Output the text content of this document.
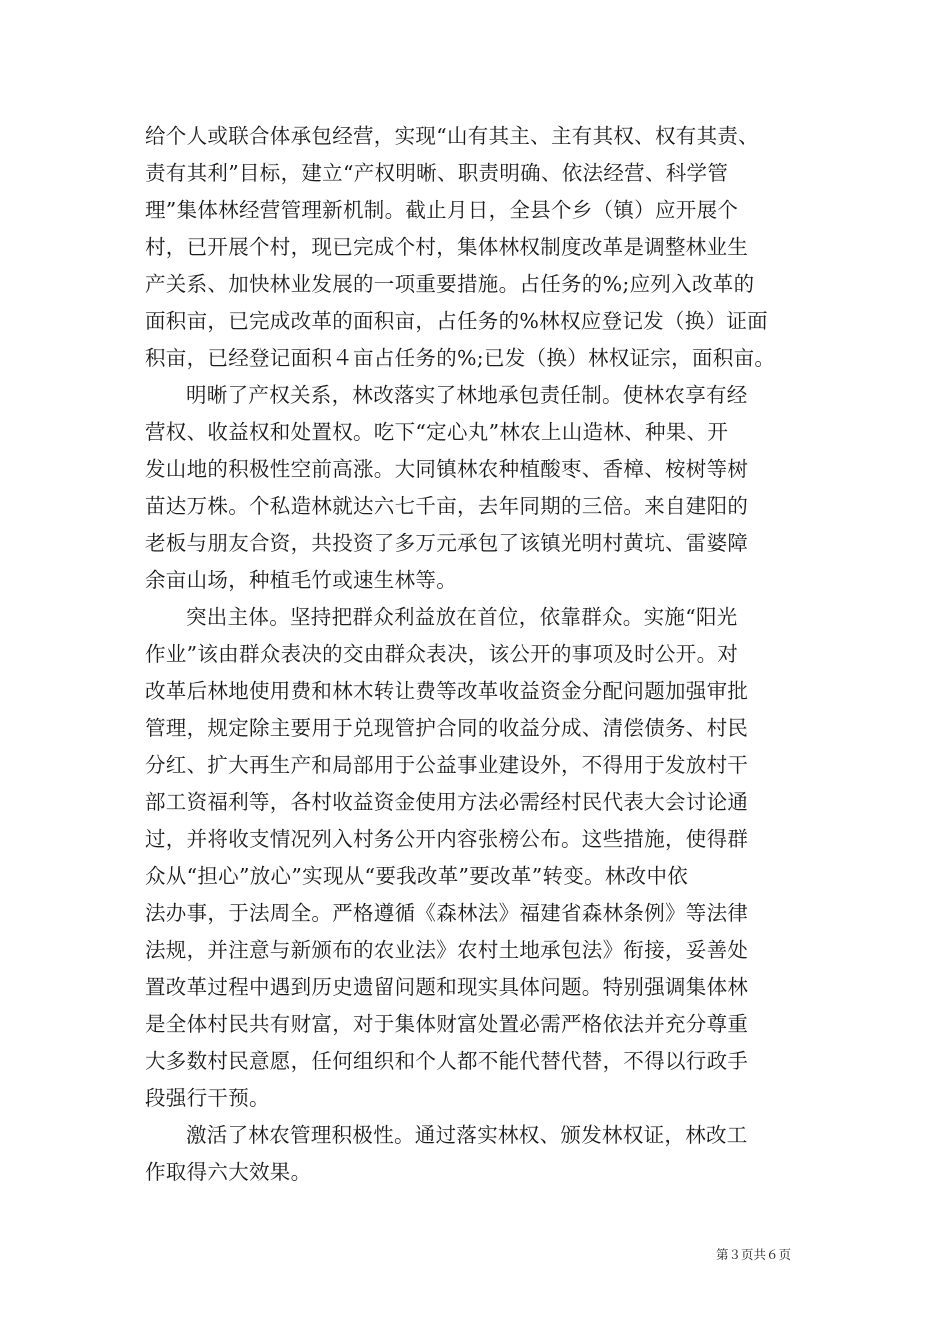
给个人或联合体承包经营，实现“山有其主、主有其权、权有其责、
责有其利”目标，建立“产权明晰、职责明确、依法经营、科学管
理”集体林经营管理新机制。截止月日，全县个乡（镇）应开展个
村，已开展个村，现已完成个村，集体林权制度改革是调整林业生
产关系、加快林业发展的一项重要措施。占任务的%;应列入改革的
面积亩，已完成改革的面积亩，占任务的%林权应登记发（换）证面
积亩，已经登记面积４亩占任务的%;已发（换）林权证宗，面积亩。
明晰了产权关系，林改落实了林地承包责任制。使林农享有经
营权、收益权和处置权。吃下“定心丸”林农上山造林、种果、开
发山地的积极性空前高涨。大同镇林农种植酸枣、香樟、桉树等树
苗达万株。个私造林就达六七千亩，去年同期的三倍。来自建阳的
老板与朋友合资，共投资了多万元承包了该镇光明村黄坑、雷婆障
余亩山场，种植毛竹或速生林等。
突出主体。坚持把群众利益放在首位，依靠群众。实施“阳光
作业”该由群众表决的交由群众表决，该公开的事项及时公开。对
改革后林地使用费和林木转让费等改革收益资金分配问题加强审批
管理，规定除主要用于兑现管护合同的收益分成、清偿债务、村民
分红、扩大再生产和局部用于公益事业建设外，不得用于发放村干
部工资福利等，各村收益资金使用方法必需经村民代表大会讨论通
过，并将收支情况列入村务公开内容张榜公布。这些措施，使得群
众从“担心”放心”实现从“要我改革”要改革”转变。林改中依
法办事，于法周全。严格遵循《森林法》福建省森林条例》等法律
法规，并注意与新颁布的农业法》农村土地承包法》衔接，妥善处
置改革过程中遇到历史遗留问题和现实具体问题。特别强调集体林
是全体村民共有财富，对于集体财富处置必需严格依法并充分尊重
大多数村民意愿，任何组织和个人都不能代替代替，不得以行政手
段强行干预。
激活了林农管理积极性。通过落实林权、颁发林权证，林改工
作取得六大效果。
第３页共６页
